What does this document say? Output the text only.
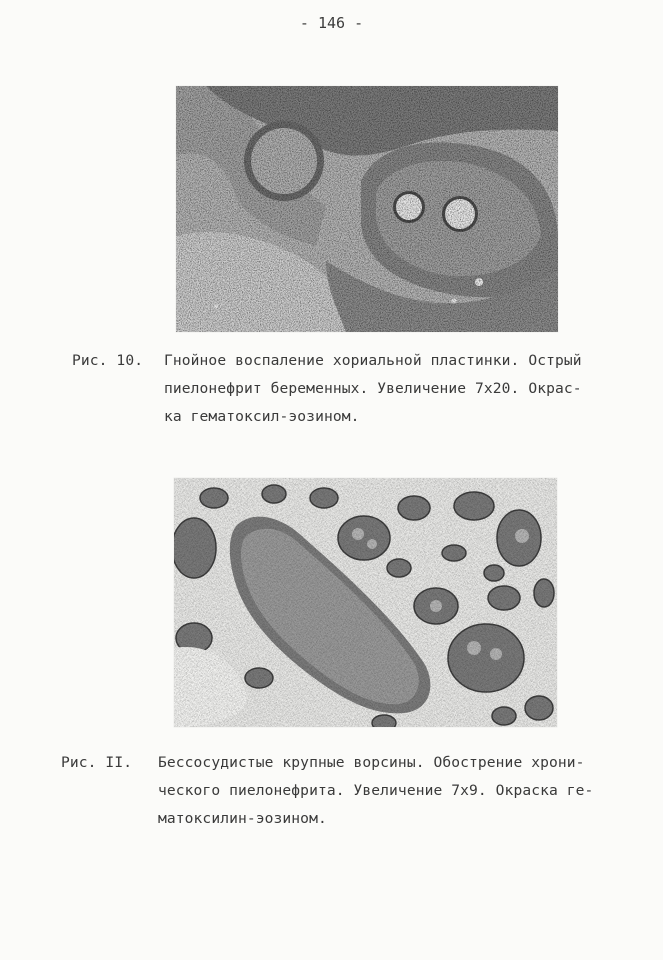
- 146 -
Рис. 10. Гнойное воспаление хориальной пластинки. Острый
пиелонефрит беременных. Увеличение 7х20. Окрас-
ка гематоксил-эозином.
Рис. II. Бессосудистые крупные ворсины. Обострение хрони-
ческого пиелонефрита. Увеличение 7х9. Окраска ге-
матоксилин-эозином.
